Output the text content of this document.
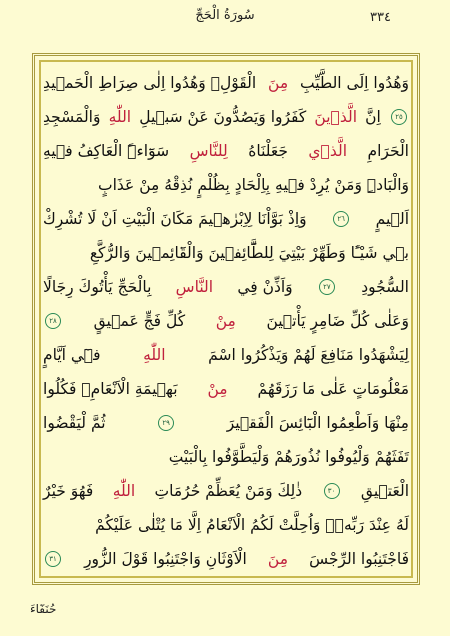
سُورَةُ الْحَجِّ	٣٣٤
وَهُدُوا اِلَى الطَّيِّبِ
مِنَ
الْقَوْلِۚ وَهُدُوا اِلٰى صِرَاطِ الْحَم۪يدِ
٢٥
اِنَّ
الَّذ۪ينَ
كَفَرُوا وَيَصُدُّونَ عَنْ سَب۪يلِ
اللّٰهِ
وَالْمَسْجِدِ
الْحَرَامِ
الَّذ۪ي
جَعَلْنَاهُ
لِلنَّاسِ
سَوَٓاءًۨ الْعَاكِفُ ف۪يهِ
وَالْبَادِۜ وَمَنْ يُرِدْ ف۪يهِ بِاِلْحَادٍ بِظُلْمٍ نُذِقْهُ مِنْ عَذَابٍ
اَل۪يمٍ
٢٦
وَاِذْ بَوَّاْنَا لِاِبْرٰه۪يمَ مَكَانَ الْبَيْتِ اَنْ لَا تُشْرِكْ
ب۪ي شَيْـًٔا وَطَهِّرْ بَيْتِيَ لِلطَّٓائِف۪ينَ وَالْقَٓائِم۪ينَ وَالرُّكَّعِ
السُّجُودِ
٢٧
وَاَذِّنْ فِي
النَّاسِ
بِالْحَجِّ يَأْتُوكَ رِجَالًا
وَعَلٰى كُلِّ ضَامِرٍ يَأْت۪ينَ
مِنْ
كُلِّ فَجٍّ عَم۪يقٍ
٢٨
لِيَشْهَدُوا مَنَافِعَ لَهُمْ وَيَذْكُرُوا اسْمَ
اللّٰهِ
ف۪ٓي اَيَّامٍ
مَعْلُومَاتٍ عَلٰى مَا رَزَقَهُمْ
مِنْ
بَه۪يمَةِ الْاَنْعَامِۚ فَكُلُوا
مِنْهَا وَاَطْعِمُوا الْبَٓائِسَ الْفَق۪يرَ
٢٩
ثُمَّ لْيَقْضُوا
تَفَثَهُمْ وَلْيُوفُوا نُذُورَهُمْ وَلْيَطَّوَّفُوا بِالْبَيْتِ
الْعَت۪يقِ
٣٠
ذٰلِكَ وَمَنْ يُعَظِّمْ حُرُمَاتِ
اللّٰهِ
فَهُوَ خَيْرٌ
لَهُ عِنْدَ رَبِّه۪ۜ وَاُحِلَّتْ لَكُمُ الْاَنْعَامُ اِلَّا مَا يُتْلٰى عَلَيْكُمْ
فَاجْتَنِبُوا الرِّجْسَ
مِنَ
الْاَوْثَانِ وَاجْتَنِبُوا قَوْلَ الزُّورِ
٣١
حُنَفَٓاءَ
